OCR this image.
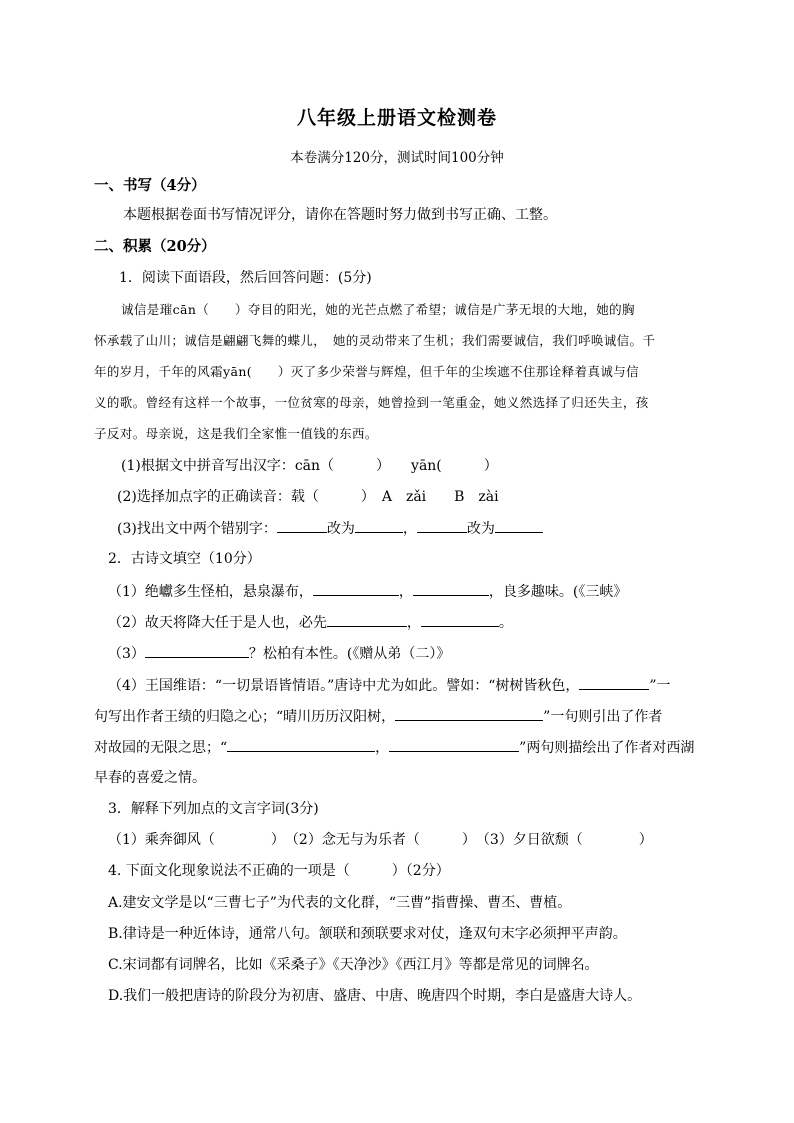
八年级上册语文检测卷
本卷满分120分，测试时间100分钟
一、书写（4分）
本题根据卷面书写情况评分，请你在答题时努力做到书写正确、工整。
二、积累（20分）
1．阅读下面语段，然后回答问题：(5分)
诚信是璀cān（　　）夺目的阳光，她的光芒点燃了希望；诚信是广茅无垠的大地，她的胸
怀承载了山川；诚信是翩翩飞舞的蝶儿，　她的灵动带来了生机；我们需要诚信，我们呼唤诚信。千
年的岁月，千年的风霜yān(　　）灭了多少荣誉与辉煌，但千年的尘埃遮不住那诠释着真诚与信
义的歌。曾经有这样一个故事，一位贫寒的母亲，她曾捡到一笔重金，她义然选择了归还失主，孩
子反对。母亲说，这是我们全家惟一值钱的东西。
(1)根据文中拼音写出汉字：cān（　　　）　　yān(　　　）
(2)选择加点字的正确读音：载（　　　）　A　zǎi　　B　zài
(3)找出文中两个错别字：	改为	，	改为
2．古诗文填空（10分）
（1）绝巘多生怪柏，悬泉瀑布，	，	，良多趣味。(《三峡》
（2）故天将降大任于是人也，必先	，	。
（3）	？松柏有本性。(《赠从弟（二）》
（4）王国维语：“一切景语皆情语。”唐诗中尤为如此。譬如：“树树皆秋色，	”一
句写出作者王绩的归隐之心；“晴川历历汉阳树，	”一句则引出了作者
对故园的无限之思；“	，	”两句则描绘出了作者对西湖
早春的喜爱之情。
3．解释下列加点的文言字词(3分)
（1）乘奔御风（　　　　）　（2）念无与为乐者（　　　）　（3）夕日欲颓（　　　　）
4. 下面文化现象说法不正确的一项是（　　　）（2分）
A.建安文学是以“三曹七子”为代表的文化群，“三曹”指曹操、曹丕、曹植。
B.律诗是一种近体诗，通常八句。颔联和颈联要求对仗，逢双句末字必须押平声韵。
C.宋词都有词牌名，比如《采桑子》《天净沙》《西江月》等都是常见的词牌名。
D.我们一般把唐诗的阶段分为初唐、盛唐、中唐、晚唐四个时期，李白是盛唐大诗人。
